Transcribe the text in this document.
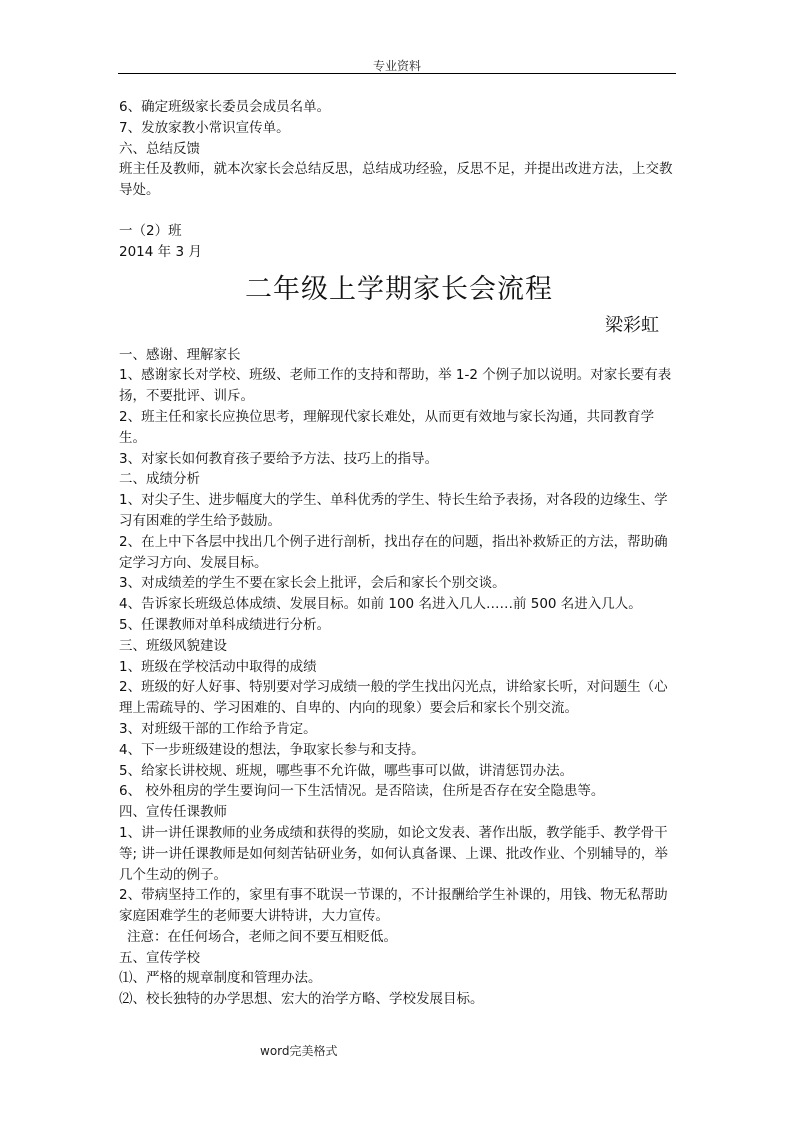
专业资料

6、确定班级家长委员会成员名单。

7、发放家教小常识宣传单。

六、总结反馈

班主任及教师，就本次家长会总结反思，总结成功经验，反思不足，并提出改进方法，上交教导处。

一（2）班

2014 年 3 月

二年级上学期家长会流程
梁彩虹

一、感谢、理解家长

1、感谢家长对学校、班级、老师工作的支持和帮助，举 1-2 个例子加以说明。对家长要有表扬，不要批评、训斥。

2、班主任和家长应换位思考，理解现代家长难处，从而更有效地与家长沟通，共同教育学生。

3、对家长如何教育孩子要给予方法、技巧上的指导。

二、成绩分析

1、对尖子生、进步幅度大的学生、单科优秀的学生、特长生给予表扬，对各段的边缘生、学习有困难的学生给予鼓励。

2、在上中下各层中找出几个例子进行剖析，找出存在的问题，指出补救矫正的方法，帮助确定学习方向、发展目标。

3、对成绩差的学生不要在家长会上批评，会后和家长个别交谈。

4、告诉家长班级总体成绩、发展目标。如前 100 名进入几人……前 500 名进入几人。

5、任课教师对单科成绩进行分析。

三、班级风貌建设

1、班级在学校活动中取得的成绩

2、班级的好人好事、特别要对学习成绩一般的学生找出闪光点，讲给家长听，对问题生（心理上需疏导的、学习困难的、自卑的、内向的现象）要会后和家长个别交流。

3、对班级干部的工作给予肯定。

4、下一步班级建设的想法，争取家长参与和支持。

5、给家长讲校规、班规，哪些事不允许做，哪些事可以做，讲清惩罚办法。

6、 校外租房的学生要询问一下生活情况。是否陪读，住所是否存在安全隐患等。

四、宣传任课教师

1、讲一讲任课教师的业务成绩和获得的奖励，如论文发表、著作出版，教学能手、教学骨干等; 讲一讲任课教师是如何刻苦钻研业务，如何认真备课、上课、批改作业、个别辅导的，举几个生动的例子。

2、带病坚持工作的，家里有事不耽误一节课的，不计报酬给学生补课的，用钱、物无私帮助家庭困难学生的老师要大讲特讲，大力宣传。

注意：在任何场合，老师之间不要互相贬低。

五、宣传学校

⑴、严格的规章制度和管理办法。

⑵、校长独特的办学思想、宏大的治学方略、学校发展目标。

word完美格式
